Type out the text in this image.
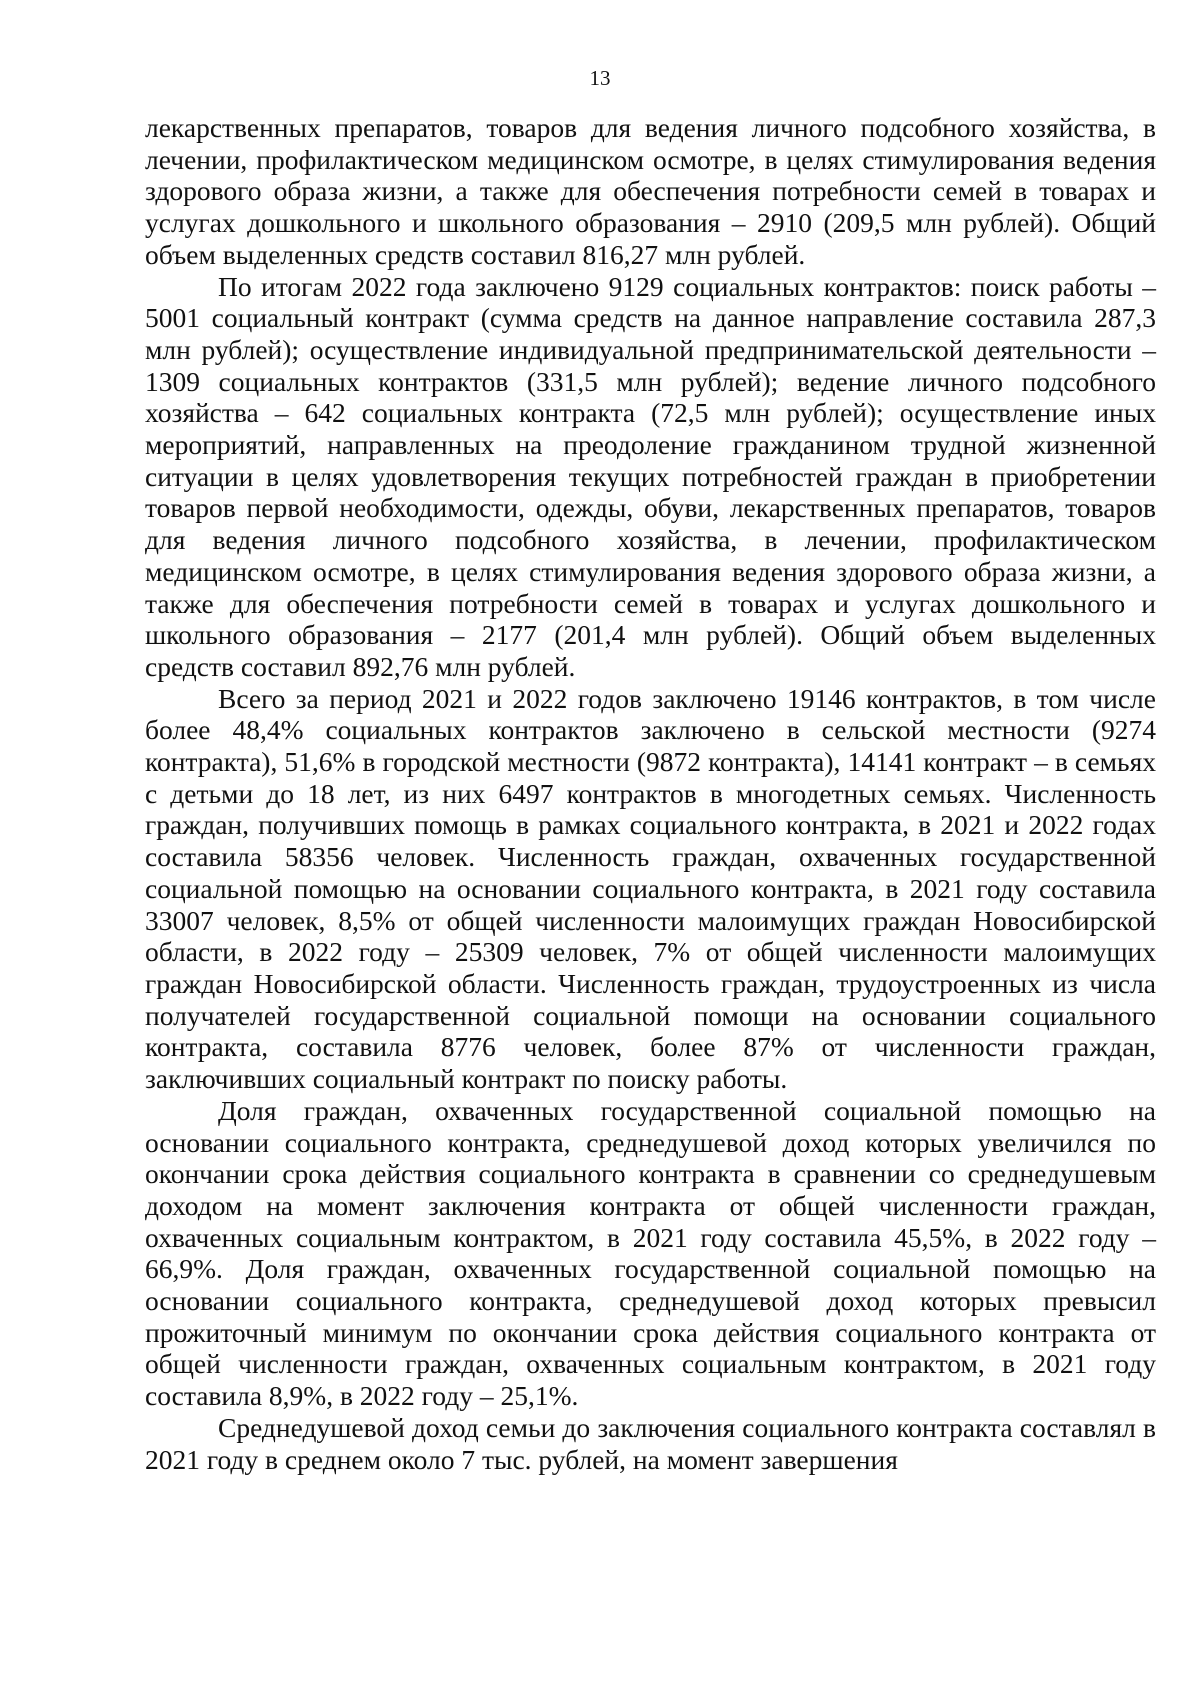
13

лекарственных препаратов, товаров для ведения личного подсобного хозяйства, в лечении, профилактическом медицинском осмотре, в целях стимулирования ведения здорового образа жизни, а также для обеспечения потребности семей в товарах и услугах дошкольного и школьного образования – 2910 (209,5 млн рублей). Общий объем выделенных средств составил 816,27 млн рублей.

По итогам 2022 года заключено 9129 социальных контрактов: поиск работы – 5001 социальный контракт (сумма средств на данное направление составила 287,3 млн рублей); осуществление индивидуальной предпринимательской деятельности – 1309 социальных контрактов (331,5 млн рублей); ведение личного подсобного хозяйства – 642 социальных контракта (72,5 млн рублей); осуществление иных мероприятий, направленных на преодоление гражданином трудной жизненной ситуации в целях удовлетворения текущих потребностей граждан в приобретении товаров первой необходимости, одежды, обуви, лекарственных препаратов, товаров для ведения личного подсобного хозяйства, в лечении, профилактическом медицинском осмотре, в целях стимулирования ведения здорового образа жизни, а также для обеспечения потребности семей в товарах и услугах дошкольного и школьного образования – 2177 (201,4 млн рублей). Общий объем выделенных средств составил 892,76 млн рублей.

Всего за период 2021 и 2022 годов заключено 19146 контрактов, в том числе более 48,4% социальных контрактов заключено в сельской местности (9274 контракта), 51,6% в городской местности (9872 контракта), 14141 контракт – в семьях с детьми до 18 лет, из них 6497 контрактов в многодетных семьях. Численность граждан, получивших помощь в рамках социального контракта, в 2021 и 2022 годах составила 58356 человек. Численность граждан, охваченных государственной социальной помощью на основании социального контракта, в 2021 году составила 33007 человек, 8,5% от общей численности малоимущих граждан Новосибирской области, в 2022 году – 25309 человек, 7% от общей численности малоимущих граждан Новосибирской области. Численность граждан, трудоустроенных из числа получателей государственной социальной помощи на основании социального контракта, составила 8776 человек, более 87% от численности граждан, заключивших социальный контракт по поиску работы.

Доля граждан, охваченных государственной социальной помощью на основании социального контракта, среднедушевой доход которых увеличился по окончании срока действия социального контракта в сравнении со среднедушевым доходом на момент заключения контракта от общей численности граждан, охваченных социальным контрактом, в 2021 году составила 45,5%, в 2022 году – 66,9%. Доля граждан, охваченных государственной социальной помощью на основании социального контракта, среднедушевой доход которых превысил прожиточный минимум по окончании срока действия социального контракта от общей численности граждан, охваченных социальным контрактом, в 2021 году составила 8,9%, в 2022 году – 25,1%.

Среднедушевой доход семьи до заключения социального контракта составлял в 2021 году в среднем около 7 тыс. рублей, на момент завершения
